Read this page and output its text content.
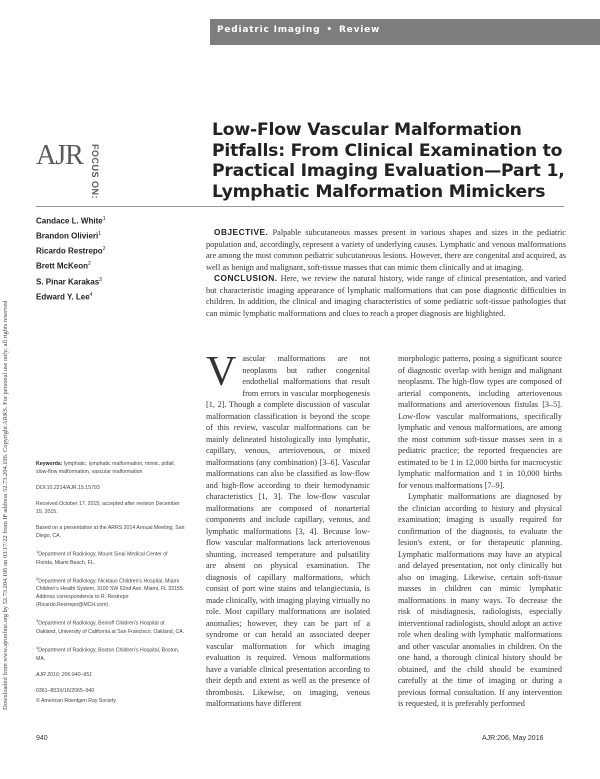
Pediatric Imaging • Review
Downloaded from www.ajronline.org by 52.73.204.196 on 03/17/22 from IP address 52.73.204.196. Copyright ARRS. For personal use only; all rights reserved
AJR FOCUS ON:
Low-Flow Vascular Malformation Pitfalls: From Clinical Examination to Practical Imaging Evaluation—Part 1, Lymphatic Malformation Mimickers
Candace L. White$^1$
Brandon Olivieri$^1$
Ricardo Restrepo$^2$
Brett McKeon$^2$
S. Pinar Karakas$^3$
Edward Y. Lee$^4$

OBJECTIVE. Palpable subcutaneous masses present in various shapes and sizes in the pediatric population and, accordingly, represent a variety of underlying causes. Lymphatic and venous malformations are among the most common pediatric subcutaneous lesions. However, there are congenital and acquired, as well as benign and malignant, soft-tissue masses that can mimic them clinically and at imaging.

CONCLUSION. Here, we review the natural history, wide range of clinical presentation, and varied but characteristic imaging appearance of lymphatic malformations that can pose diagnostic difficulties in children. In addition, the clinical and imaging characteristics of some pediatric soft-tissue pathologies that can mimic lymphatic malformations and clues to reach a proper diagnosis are highlighted.

Keywords: lymphatic, lymphatic malformation, mimic, pitfall, slow-flow malformation, vascular malformation

DOI:10.2214/AJR.15.15793

Received October 17, 2015; accepted after revision December 15, 2015.

Based on a presentation at the ARRS 2014 Annual Meeting, San Diego, CA.

$^1$Department of Radiology, Mount Sinai Medical Center of Florida, Miami Beach, FL.

$^2$Department of Radiology, Nicklaus Children's Hospital, Miami Children's Health System, 3100 SW 62nd Ave, Miami, FL 33155. Address correspondence to R. Restrepo (Ricardo.Restrepo@MCH.com).

$^3$Department of Radiology, Benioff Children's Hospital at Oakland, University of California at San Francisco, Oakland, CA.

$^4$Department of Radiology, Boston Children's Hospital, Boston, MA.

AJR 2016; 206:940–951

0361–803X/16/2065–940

© American Roentgen Ray Society

V ascular malformations are not neoplasms but rather congenital endothelial malformations that result from errors in vascular morphogenesis [1, 2]. Though a complete discussion of vascular malformation classification is beyond the scope of this review, vascular malformations can be mainly delineated histologically into lymphatic, capillary, venous, arteriovenous, or mixed malformations (any combination) [3–6]. Vascular malformations can also be classified as low-flow and high-flow according to their hemodynamic characteristics [1, 3]. The low-flow vascular malformations are composed of nonarterial components and include capillary, venous, and lymphatic malformations [3, 4]. Because low-flow vascular malformations lack arteriovenous shunting, increased temperature and pulsatility are absent on physical examination. The diagnosis of capillary malformations, which consist of port wine stains and telangiectasia, is made clinically, with imaging playing virtually no role. Most capillary malformations are isolated anomalies; however, they can be part of a syndrome or can herald an associated deeper vascular malformation for which imaging evaluation is required. Venous malformations have a variable clinical presentation according to their depth and extent as well as the presence of thrombosis. Likewise, on imaging, venous malformations have different

morphologic patterns, posing a significant source of diagnostic overlap with benign and malignant neoplasms. The high-flow types are composed of arterial components, including arteriovenous malformations and arteriovenous fistulas [3–5]. Low-flow vascular malformations, specifically lymphatic and venous malformations, are among the most common soft-tissue masses seen in a pediatric practice; the reported frequencies are estimated to be 1 in 12,000 births for macrocystic lymphatic malformation and 1 in 10,000 births for venous malformations [7–9].

Lymphatic malformations are diagnosed by the clinician according to history and physical examination; imaging is usually required for confirmation of the diagnosis, to evaluate the lesion's extent, or for therapeutic planning. Lymphatic malformations may have an atypical and delayed presentation, not only clinically but also on imaging. Likewise, certain soft-tissue masses in children can mimic lymphatic malformations in many ways. To decrease the risk of misdiagnosis, radiologists, especially interventional radiologists, should adopt an active role when dealing with lymphatic malformations and other vascular anomalies in children. On the one hand, a thorough clinical history should be obtained, and the child should be examined carefully at the time of imaging or during a previous formal consultation. If any intervention is requested, it is preferably performed

940	AJR:206, May 2016
